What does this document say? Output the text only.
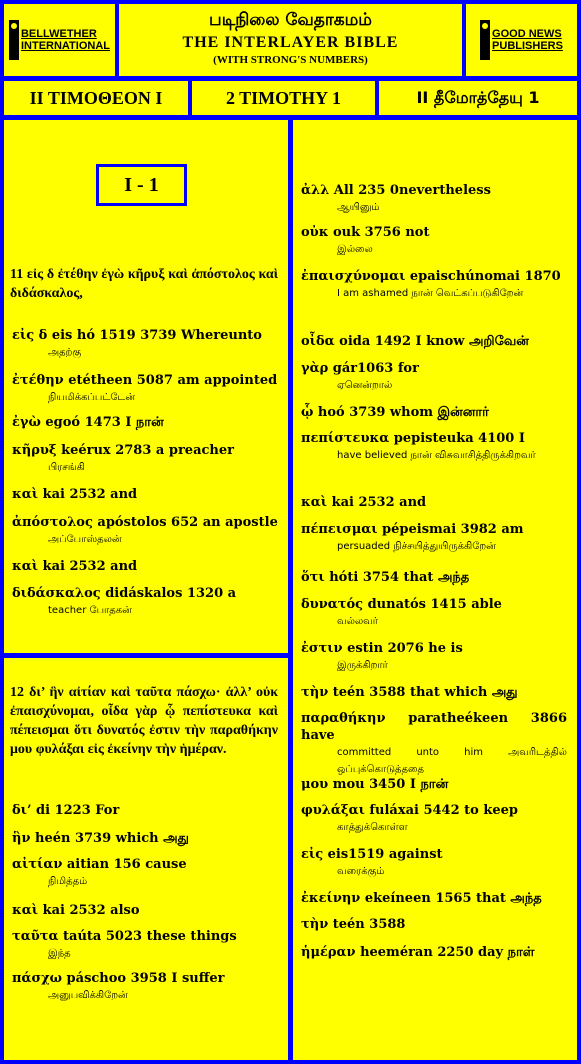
BELLWETHER
INTERNATIONAL
படிநிலை வேதாகமம்
THE INTERLAYER BIBLE
(WITH STRONG'S NUMBERS)
GOOD NEWS
PUBLISHERS
ΙΙ ΤΙΜΟΘΕΟΝ Ι	2 TIMOTHY 1	II தீமோத்தேயு 1
I - 1
11 εἰς δ ἐτέθην ἐγὼ κῆρυξ καὶ ἀπόστολος καὶ διδάσκαλος,
εἰς δ eis hó 1519 3739 Whereunto
அதற்கு
ἐτέθην etétheen 5087 am appointed
நியமிக்கப்பட்டேன்
ἐγὼ egoó 1473 I நான்
κῆρυξ keérux 2783 a preacher
பிரசங்கி
καὶ kai 2532 and
ἀπόστολος apóstolos 652 an apostle
அப்போஸ்தலன்
καὶ kai 2532 and
διδάσκαλος didáskalos 1320 a
teacher போதகன்
12 δι’ ἣν αἰτίαν καὶ ταῦτα πάσχω· ἀλλ’ οὐκ ἐπαισχύνομαι, οἶδα γὰρ ᾧ πεπίστευκα καὶ πέπεισμαι ὅτι δυνατός ἐστιν τὴν παραθήκην μου φυλάξαι εἰς ἐκείνην τὴν ἡμέραν.
δι’ di 1223 For
ἣν heén 3739 which அது
αἰτίαν aitian 156 cause
நிமித்தம்
καὶ kai 2532 also
ταῦτα taúta 5023 these things
இந்த
πάσχω páschoo 3958 I suffer
அனுபவிக்கிறேன்
ἀλλ All 235 0nevertheless
ஆயினும்
οὐκ ouk 3756 not
இல்லை
ἐπαισχύνομαι epaischúnomai 1870
I am ashamed நான் வெட்கப்படுகிறேன்
οἶδα oida 1492 I know அறிவேன்
γὰρ gár1063 for
ஏனென்றால்
ᾧ hoó 3739 whom இன்னார்
πεπίστευκα pepisteuka 4100 I
have believed நான் விசுவாசித்திருக்கிறவர்
καὶ kai 2532 and
πέπεισμαι pépeismai 3982 am
persuaded நிச்சயித்துயிருக்கிறேன்
ὅτι hóti 3754 that அந்த
δυνατός dunatós 1415 able
வல்லவர்
ἐστιν estin 2076 he is
இருக்கிறார்
τὴν teén 3588 that which அது
παραθήκην paratheékeen 3866 have
committed unto him அவரிடத்தில் ஒப்புக்கொடுத்ததை
μου mou 3450 I நான்
φυλάξαι fuláxai 5442 to keep
காத்துக்கொள்ள
εἰς eis1519 against
வரைக்கும்
ἐκείνην ekeíneen 1565 that அந்த
τὴν teén 3588
ἡμέραν heeméran 2250 day நாள்
